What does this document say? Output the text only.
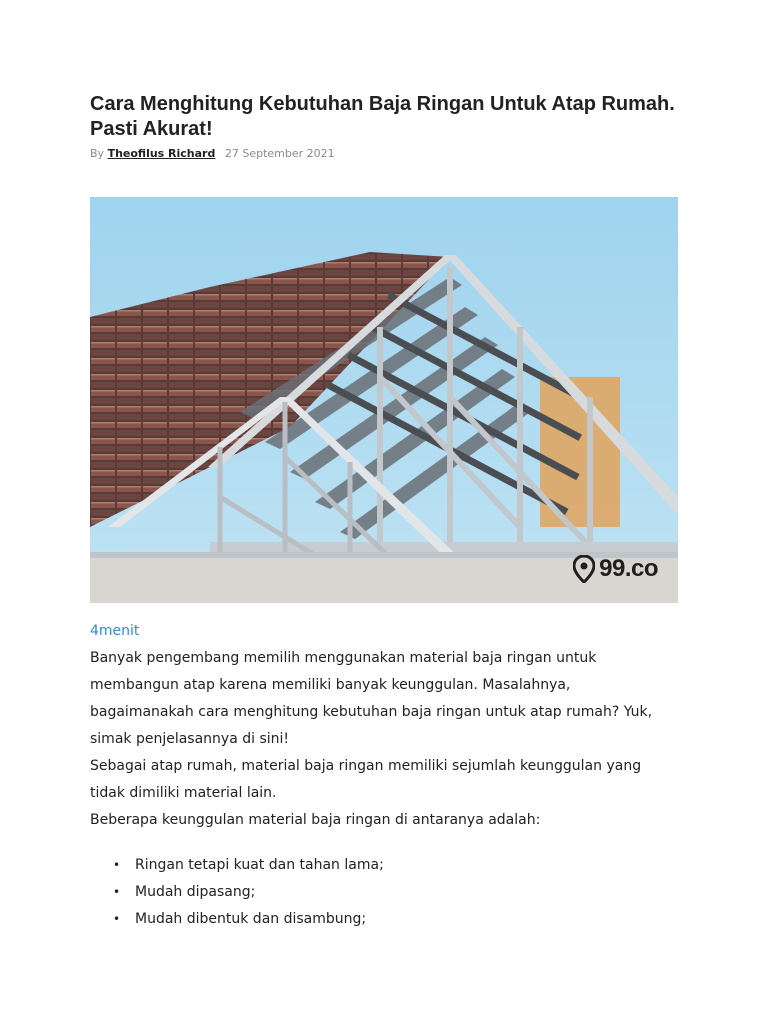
Cara Menghitung Kebutuhan Baja Ringan Untuk Atap Rumah. Pasti Akurat!
By Theofilus Richard 27 September 2021
99.co
4menit

Banyak pengembang memilih menggunakan material baja ringan untuk membangun atap karena memiliki banyak keunggulan. Masalahnya, bagaimanakah cara menghitung kebutuhan baja ringan untuk atap rumah? Yuk, simak penjelasannya di sini!

Sebagai atap rumah, material baja ringan memiliki sejumlah keunggulan yang tidak dimiliki material lain.

Beberapa keunggulan material baja ringan di antaranya adalah:

• Ringan tetapi kuat dan tahan lama;
• Mudah dipasang;
• Mudah dibentuk dan disambung;
